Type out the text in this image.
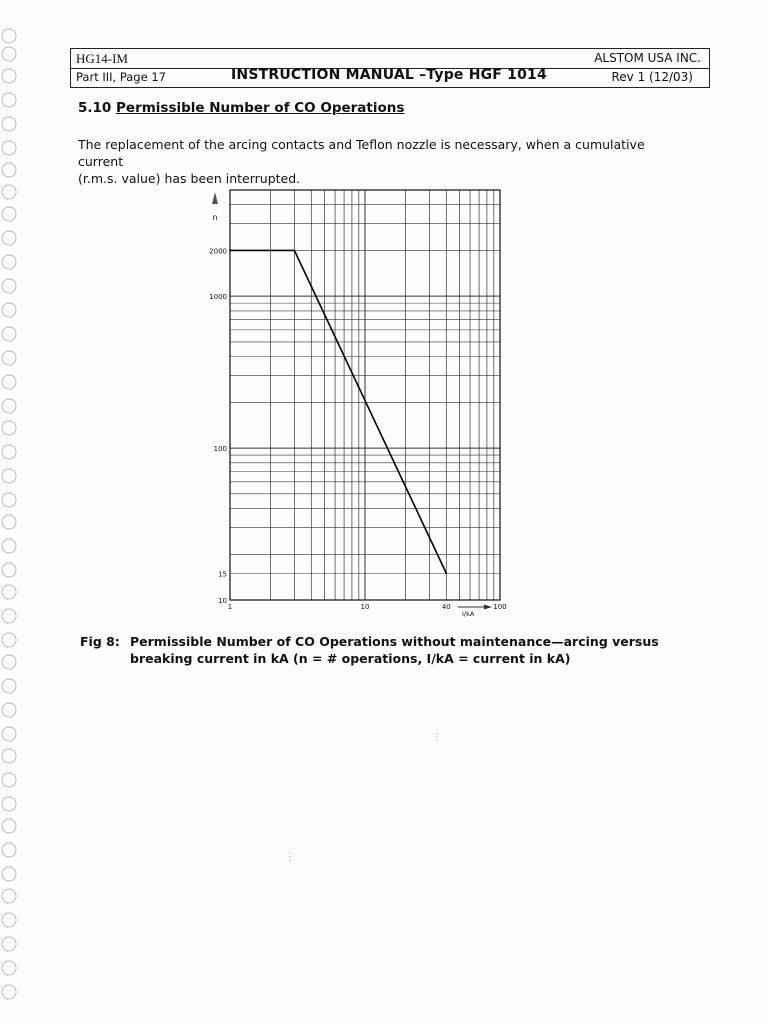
HG14-IM
Part III, Page 17	INSTRUCTION MANUAL –Type HGF 1014
ALSTOM USA INC.
Rev 1 (12/03)
5.10 Permissible Number of CO Operations
The replacement of the arcing contacts and Teflon nozzle is necessary, when a cumulative current
(r.m.s. value) has been interrupted.
10
15
100
1000
2000
1	10	40	100
n
I/kA
Fig 8: Permissible Number of CO Operations without maintenance—arcing versus
breaking current in kA (n = # operations, I/kA = current in kA)
⋮
⋮
